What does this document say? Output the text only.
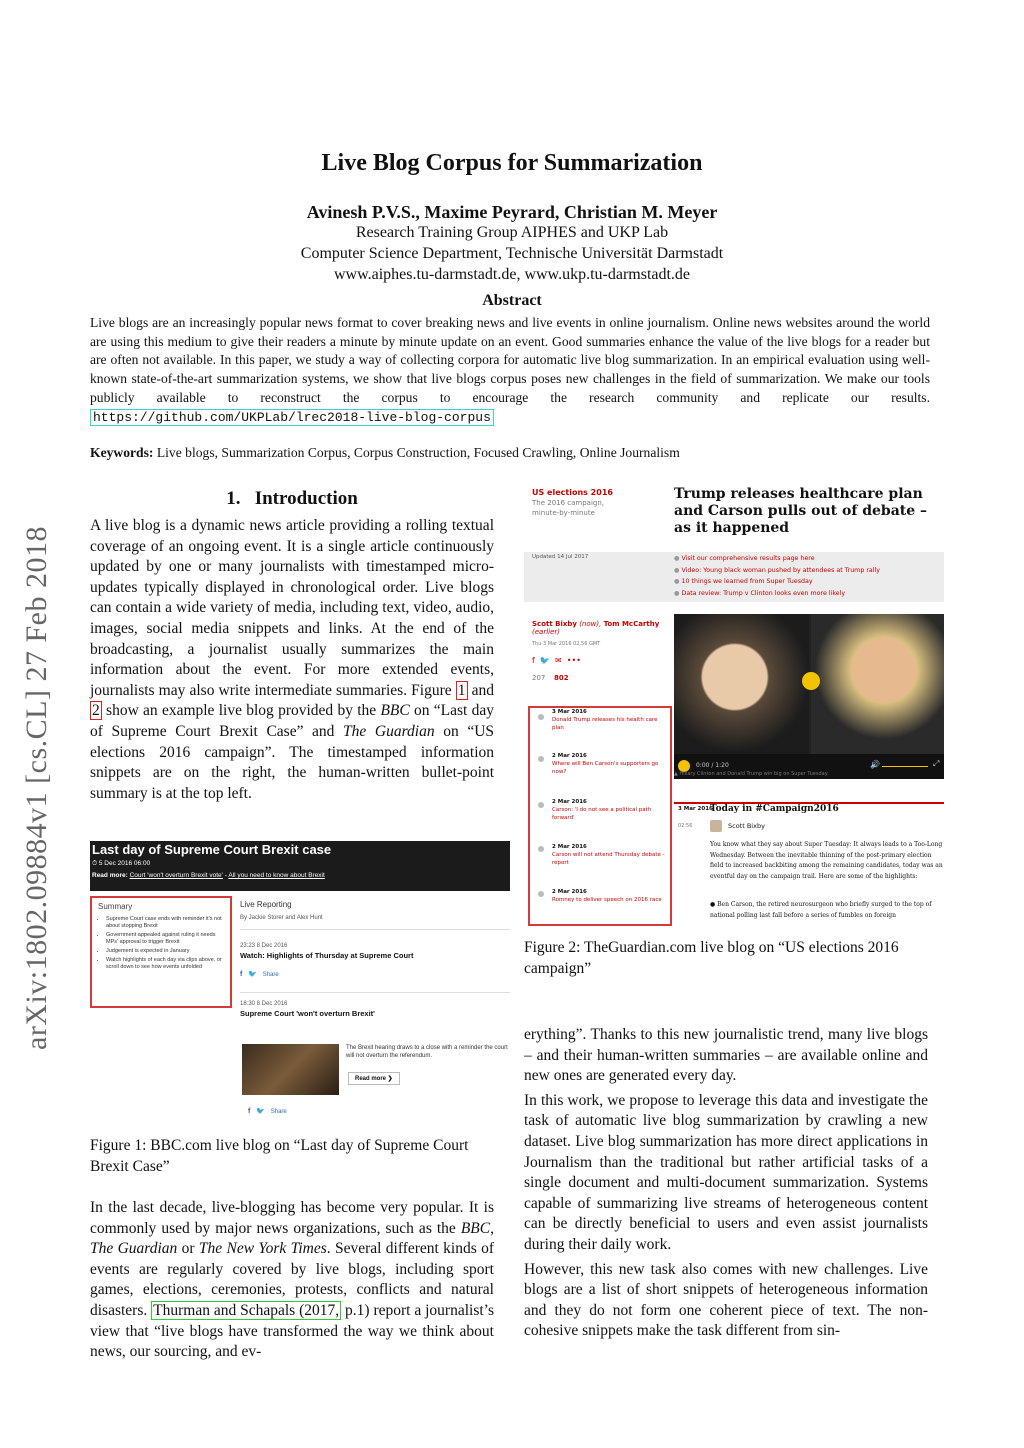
Live Blog Corpus for Summarization
Avinesh P.V.S., Maxime Peyrard, Christian M. Meyer
Research Training Group AIPHES and UKP Lab
Computer Science Department, Technische Universität Darmstadt
www.aiphes.tu-darmstadt.de, www.ukp.tu-darmstadt.de
Abstract
Live blogs are an increasingly popular news format to cover breaking news and live events in online journalism. Online news websites around the world are using this medium to give their readers a minute by minute update on an event. Good summaries enhance the value of the live blogs for a reader but are often not available. In this paper, we study a way of collecting corpora for automatic live blog summarization. In an empirical evaluation using well-known state-of-the-art summarization systems, we show that live blogs corpus poses new challenges in the field of summarization. We make our tools publicly available to reconstruct the corpus to encourage the research community and replicate our results. https://github.com/UKPLab/lrec2018-live-blog-corpus
Keywords: Live blogs, Summarization Corpus, Corpus Construction, Focused Crawling, Online Journalism
arXiv:1802.09884v1 [cs.CL] 27 Feb 2018
1. Introduction
A live blog is a dynamic news article providing a rolling textual coverage of an ongoing event. It is a single article continuously updated by one or many journalists with timestamped micro-updates typically displayed in chronological order. Live blogs can contain a wide variety of media, including text, video, audio, images, social media snippets and links. At the end of the broadcasting, a journalist usually summarizes the main information about the event. For more extended events, journalists may also write intermediate summaries. Figure 1 and 2 show an example live blog provided by the BBC on “Last day of Supreme Court Brexit Case” and The Guardian on “US elections 2016 campaign”. The timestamped information snippets are on the right, the human-written bullet-point summary is at the top left.
Last day of Supreme Court Brexit case
⏱ 5 Dec 2016 06:00
Read more: Court 'won't overturn Brexit vote' - All you need to know about Brexit
Summary
• Supreme Court case ends with reminder it's not about stopping Brexit
• Government appealed against ruling it needs MPs' approval to trigger Brexit
• Judgement is expected in January
• Watch highlights of each day via clips above, or scroll down to see how events unfolded
Live Reporting
By Jackie Storer and Alex Hunt
23:23 8 Dec 2016
Watch: Highlights of Thursday at Supreme Court
f 🐦 Share
18:30 8 Dec 2016
Supreme Court 'won't overturn Brexit'
The Brexit hearing draws to a close with a reminder the court will not overturn the referendum.
Read more ❯
f 🐦 Share
Figure 1: BBC.com live blog on “Last day of Supreme Court Brexit Case”
In the last decade, live-blogging has become very popular. It is commonly used by major news organizations, such as the BBC, The Guardian or The New York Times. Several different kinds of events are regularly covered by live blogs, including sport games, elections, ceremonies, protests, conflicts and natural disasters. Thurman and Schapals (2017, p.1) report a journalist’s view that “live blogs have transformed the way we think about news, our sourcing, and ev-
US elections 2016
The 2016 campaign,
minute-by-minute
Trump releases healthcare plan and Carson pulls out of debate – as it happened
Updated 14 Jul 2017	● Visit our comprehensive results page here
● Video: Young black woman pushed by attendees at Trump rally
● 10 things we learned from Super Tuesday
● Data review: Trump v Clinton looks even more likely
Scott Bixby (now), Tom McCarthy
(earlier)
Thu 3 Mar 2016 02.56 GMT
f 🐦 ✉ •••
207 802
3 Mar 2016
Donald Trump releases his health care plan
2 Mar 2016
Where will Ben Carson's supporters go now?
2 Mar 2016
Carson: 'I do not see a political path forward'
2 Mar 2016
Carson will not attend Thursday debate - report
2 Mar 2016
Romney to deliver speech on 2016 race
0:00 / 1:20	🔊	⤢
▲ Hillary Clinton and Donald Trump win big on Super Tuesday.
3 Mar 2016
02:56
Today in #Campaign2016
Scott Bixby
You know what they say about Super Tuesday: It always leads to a Too-Long Wednesday. Between the inevitable thinning of the post-primary election field to increased backbiting among the remaining candidates, today was an eventful day on the campaign trail. Here are some of the highlights:
● Ben Carson, the retired neurosurgeon who briefly surged to the top of national polling last fall before a series of fumbles on foreign
Figure 2: TheGuardian.com live blog on “US elections 2016 campaign”

erything”. Thanks to this new journalistic trend, many live blogs – and their human-written summaries – are available online and new ones are generated every day.

In this work, we propose to leverage this data and investigate the task of automatic live blog summarization by crawling a new dataset. Live blog summarization has more direct applications in Journalism than the traditional but rather artificial tasks of a single document and multi-document summarization. Systems capable of summarizing live streams of heterogeneous content can be directly beneficial to users and even assist journalists during their daily work.

However, this new task also comes with new challenges. Live blogs are a list of short snippets of heterogeneous information and they do not form one coherent piece of text. The non-cohesive snippets make the task different from sin-
